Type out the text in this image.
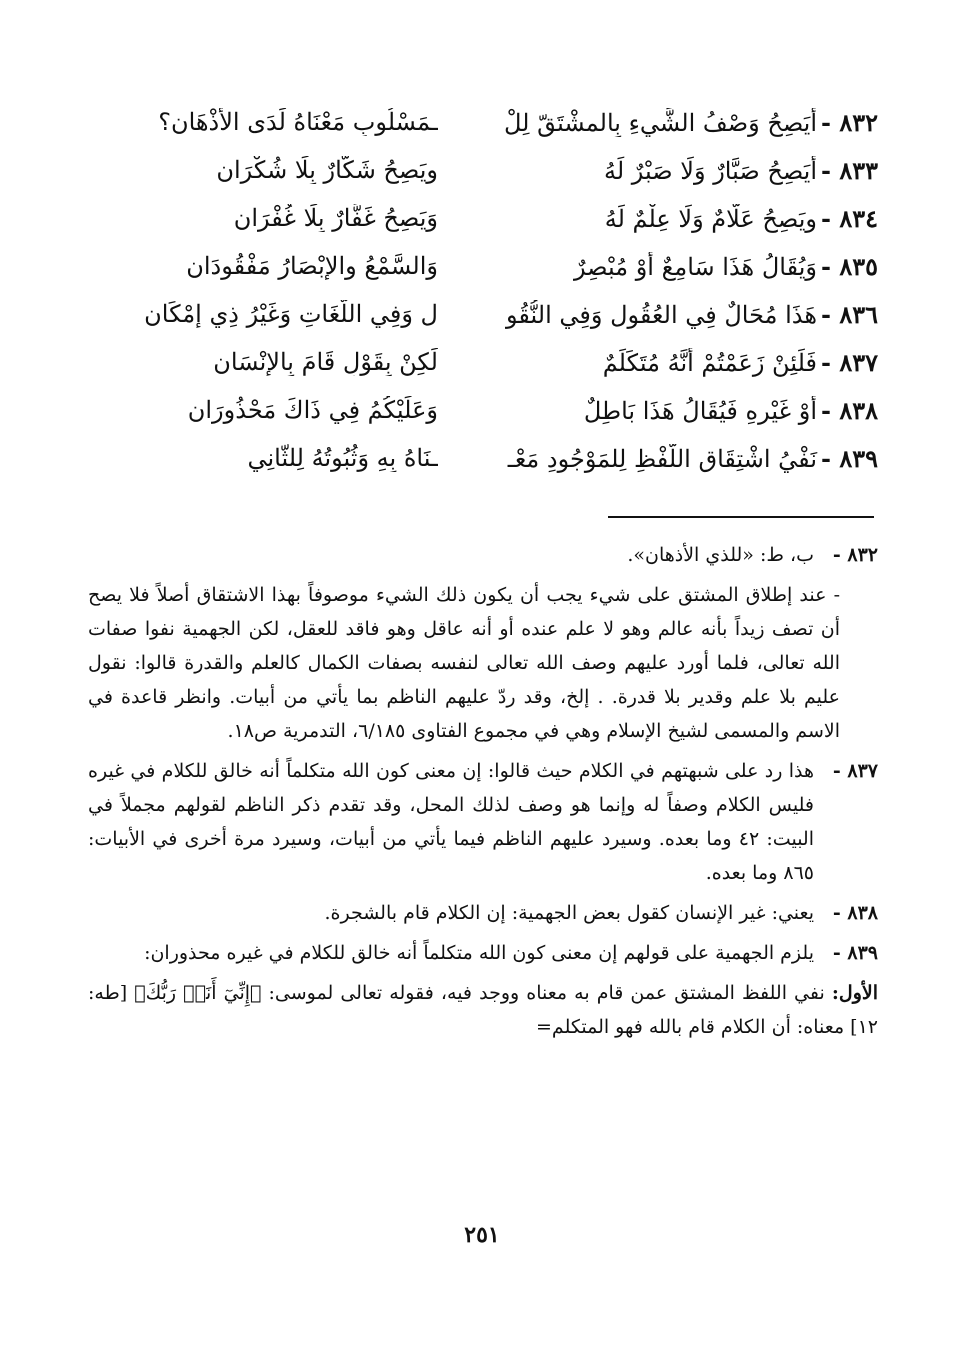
٨٣٢ -أَيَصِحُ وَصْفُ الشَّيءِ بِالمشْتَقّ لِلْ
ـمَسْلُوبِ مَعْنَاهُ لَدَى الأَذْهَانِ؟
٨٣٣ -أَيَصِحُ صَبَّارٌ وَلَا صَبْرٌ لَهُ
ويَصِحُ شَكَّارٌ بِلَا شُكْرَانِ
٨٣٤ -ويَصِحُ عَلَّامٌ وَلَا عِلْمٌ لَهُ
وَيَصِحُ غَفَّارٌ بِلَا غُفْرَانِ
٨٣٥ -وَيُقَالُ هَذَا سَامِعٌ أَوْ مُبْصِرٌ
وَالسَّمْعُ والإِبْصَارُ مَفْقُودَانِ
٨٣٦ -هَذَا مُحَالٌ فِي العُقُولِ وَفِي النُّقُو
لِ وَفِي اللُّغَاتِ وَغَيْرُ ذِي إِمْكَانِ
٨٣٧ -فَلَئِنْ زَعَمْتُمْ أَنَّهُ مُتَكَلِّمٌ
لَكِنْ بِقَوْلٍ قَامَ بِالإِنْسَانِ
٨٣٨ -أَوْ غَيْرِهِ فَيُقَالُ هَذَا بَاطِلٌ
وَعَلَيْكُمُ فِي ذَاكَ مَحْذُورَانِ
٨٣٩ -نَفْيُ اشْتِقَاقِ اللَّفْظِ لِلمَوْجُودِ مَعْـ
ـنَاهُ بِهِ وَثُبُوتُهُ لِلثَّانِي
٨٣٢ -
ب، ط: «للذي الأذهان».
- عند إطلاق المشتق على شيء يجب أن يكون ذلك الشيء موصوفاً بهذا الاشتقاق أصلاً فلا يصح أن تصف زيداً بأنه عالم وهو لا علم عنده أو أنه عاقل وهو فاقد للعقل، لكن الجهمية نفوا صفات الله تعالى، فلما أورد عليهم وصف الله تعالى لنفسه بصفات الكمال كالعلم والقدرة قالوا: نقول عليم بلا علم وقدير بلا قدرة. . إلخ، وقد ردّ عليهم الناظم بما يأتي من أبيات. وانظر قاعدة في الاسم والمسمى لشيخ الإسلام وهي في مجموع الفتاوى ٦/١٨٥، التدمرية ص١٨.
٨٣٧ -
هذا رد على شبهتهم في الكلام حيث قالوا: إن معنى كون الله متكلماً أنه خالق للكلام في غيره فليس الكلام وصفاً له وإنما هو وصف لذلك المحل، وقد تقدم ذكر الناظم لقولهم مجملاً في البيت: ٤٢ وما بعده. وسيرد عليهم الناظم فيما يأتي من أبيات، وسيرد مرة أخرى في الأبيات: ٨٦٥ وما بعده.
٨٣٨ -
يعني: غير الإنسان كقول بعض الجهمية: إن الكلام قام بالشجرة.
٨٣٩ -
يلزم الجهمية على قولهم إن معنى كون الله متكلماً أنه خالق للكلام في غيره محذوران:
الأول: نفي اللفظ المشتق عمن قام به معناه ووجد فيه، فقوله تعالى لموسى: ﴿إِنِّيٓ أَنَا۠ رَبُّكَ﴾ [طه: ١٢] معناه: أن الكلام قام بالله فهو المتكلم=
٢٥١
